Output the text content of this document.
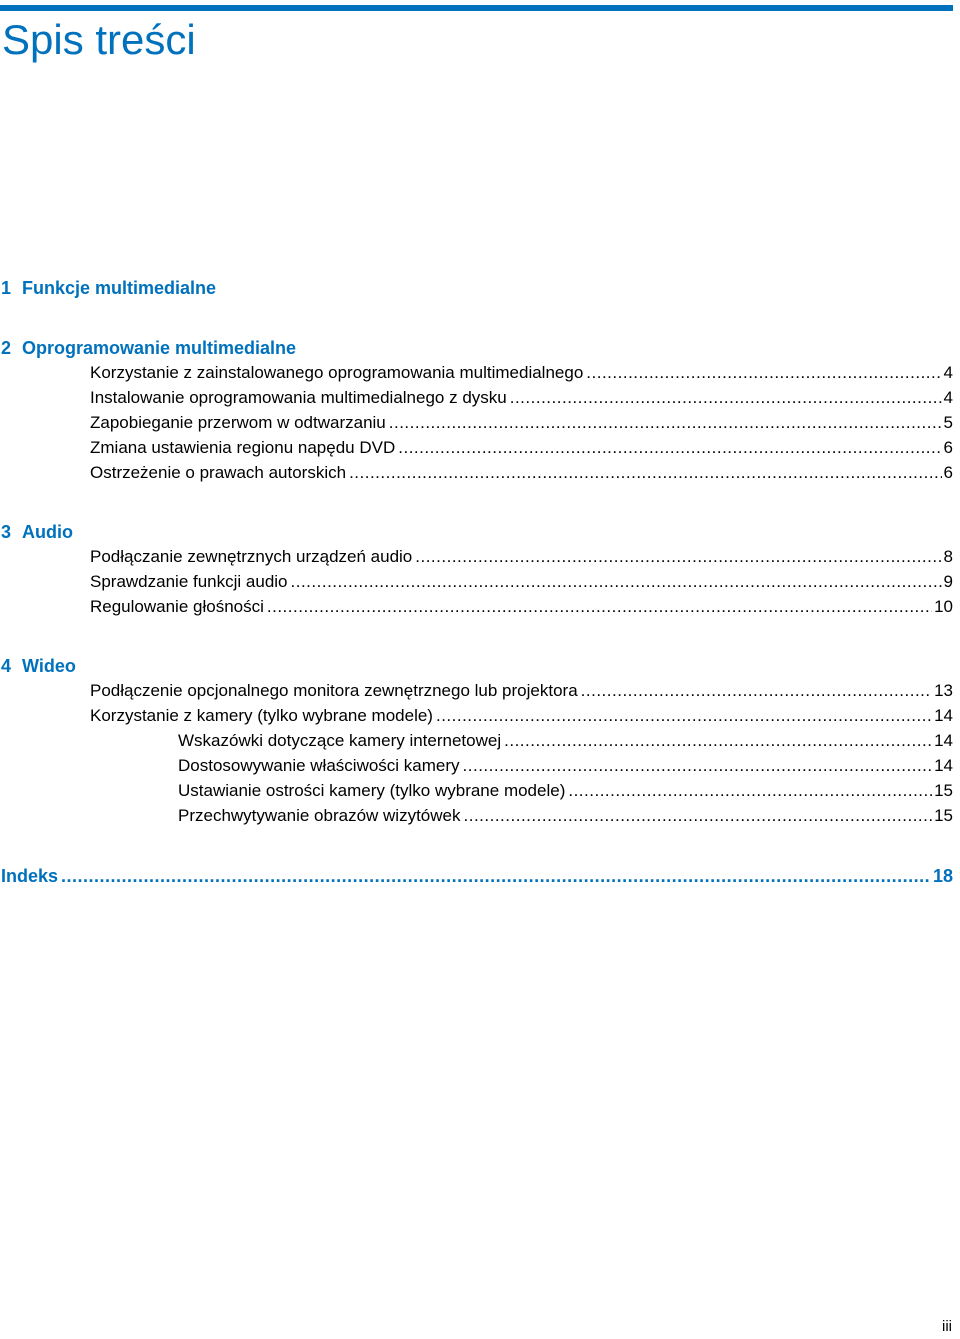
Spis treści
1 Funkcje multimedialne
2 Oprogramowanie multimedialne
Korzystanie z zainstalowanego oprogramowania multimedialnego .....	4
Instalowanie oprogramowania multimedialnego z dysku .....	4
Zapobieganie przerwom w odtwarzaniu .....	5
Zmiana ustawienia regionu napędu DVD .....	6
Ostrzeżenie o prawach autorskich .....	6
3 Audio
Podłączanie zewnętrznych urządzeń audio .....	8
Sprawdzanie funkcji audio .....	9
Regulowanie głośności .....	10
4 Wideo
Podłączenie opcjonalnego monitora zewnętrznego lub projektora .....	13
Korzystanie z kamery (tylko wybrane modele) .....	14
Wskazówki dotyczące kamery internetowej .....	14
Dostosowywanie właściwości kamery .....	14
Ustawianie ostrości kamery (tylko wybrane modele) .....	15
Przechwytywanie obrazów wizytówek .....	15
Indeks .....	18
iii
